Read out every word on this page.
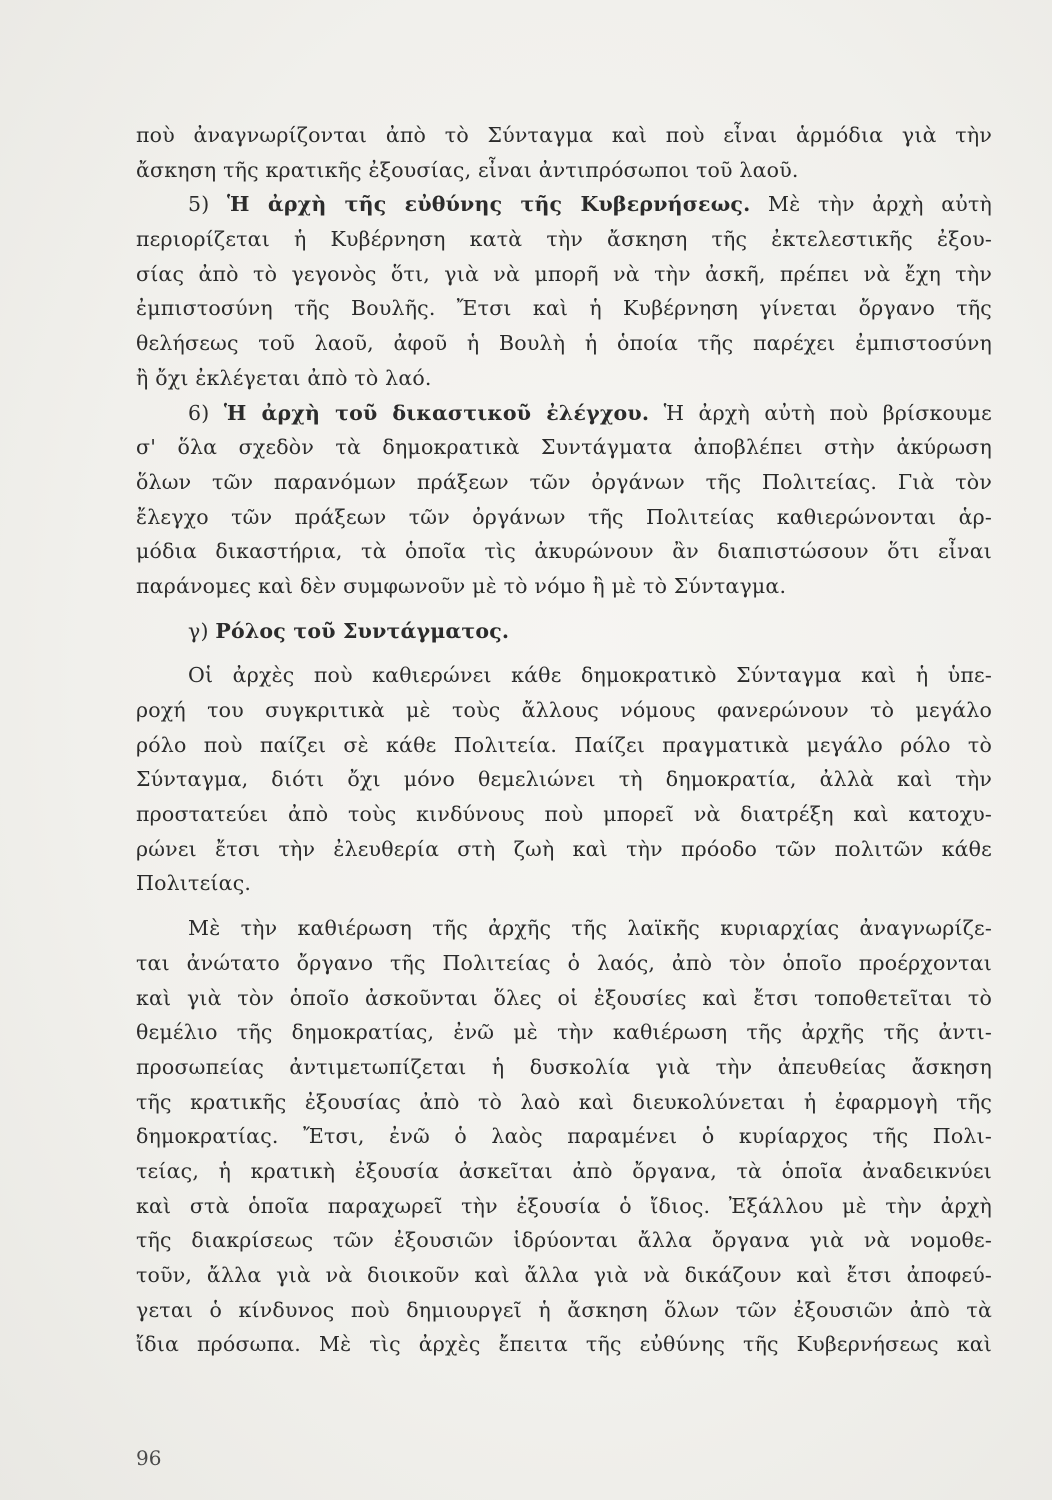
ποὺ ἀναγνωρίζονται ἀπὸ τὸ Σύνταγμα καὶ ποὺ εἶναι ἁρμόδια γιὰ τὴν
ἄσκηση τῆς κρατικῆς ἐξουσίας, εἶναι ἀντιπρόσωποι τοῦ λαοῦ.
5) Ἡ ἀρχὴ τῆς εὐθύνης τῆς Κυβερνήσεως. Μὲ τὴν ἀρχὴ αὐτὴ
περιορίζεται ἡ Κυβέρνηση κατὰ τὴν ἄσκηση τῆς ἐκτελεστικῆς ἐξου-
σίας ἀπὸ τὸ γεγονὸς ὅτι, γιὰ νὰ μπορῆ νὰ τὴν ἀσκῆ, πρέπει νὰ ἔχη τὴν
ἐμπιστοσύνη τῆς Βουλῆς. Ἔτσι καὶ ἡ Κυβέρνηση γίνεται ὄργανο τῆς
θελήσεως τοῦ λαοῦ, ἀφοῦ ἡ Βουλὴ ἡ ὁποία τῆς παρέχει ἐμπιστοσύνη
ἢ ὄχι ἐκλέγεται ἀπὸ τὸ λαό.
6) Ἡ ἀρχὴ τοῦ δικαστικοῦ ἐλέγχου. Ἡ ἀρχὴ αὐτὴ ποὺ βρίσκουμε
σ' ὅλα σχεδὸν τὰ δημοκρατικὰ Συντάγματα ἀποβλέπει στὴν ἀκύρωση
ὅλων τῶν παρανόμων πράξεων τῶν ὀργάνων τῆς Πολιτείας. Γιὰ τὸν
ἔλεγχο τῶν πράξεων τῶν ὀργάνων τῆς Πολιτείας καθιερώνονται ἁρ-
μόδια δικαστήρια, τὰ ὁποῖα τὶς ἀκυρώνουν ἂν διαπιστώσουν ὅτι εἶναι
παράνομες καὶ δὲν συμφωνοῦν μὲ τὸ νόμο ἢ μὲ τὸ Σύνταγμα.
γ) Ρόλος τοῦ Συντάγματος.
Οἱ ἀρχὲς ποὺ καθιερώνει κάθε δημοκρατικὸ Σύνταγμα καὶ ἡ ὑπε-
ροχή του συγκριτικὰ μὲ τοὺς ἄλλους νόμους φανερώνουν τὸ μεγάλο
ρόλο ποὺ παίζει σὲ κάθε Πολιτεία. Παίζει πραγματικὰ μεγάλο ρόλο τὸ
Σύνταγμα, διότι ὄχι μόνο θεμελιώνει τὴ δημοκρατία, ἀλλὰ καὶ τὴν
προστατεύει ἀπὸ τοὺς κινδύνους ποὺ μπορεῖ νὰ διατρέξη καὶ κατοχυ-
ρώνει ἔτσι τὴν ἐλευθερία στὴ ζωὴ καὶ τὴν πρόοδο τῶν πολιτῶν κάθε
Πολιτείας.
Μὲ τὴν καθιέρωση τῆς ἀρχῆς τῆς λαϊκῆς κυριαρχίας ἀναγνωρίζε-
ται ἀνώτατο ὄργανο τῆς Πολιτείας ὁ λαός, ἀπὸ τὸν ὁποῖο προέρχονται
καὶ γιὰ τὸν ὁποῖο ἀσκοῦνται ὅλες οἱ ἐξουσίες καὶ ἔτσι τοποθετεῖται τὸ
θεμέλιο τῆς δημοκρατίας, ἐνῶ μὲ τὴν καθιέρωση τῆς ἀρχῆς τῆς ἀντι-
προσωπείας ἀντιμετωπίζεται ἡ δυσκολία γιὰ τὴν ἀπευθείας ἄσκηση
τῆς κρατικῆς ἐξουσίας ἀπὸ τὸ λαὸ καὶ διευκολύνεται ἡ ἐφαρμογὴ τῆς
δημοκρατίας. Ἔτσι, ἐνῶ ὁ λαὸς παραμένει ὁ κυρίαρχος τῆς Πολι-
τείας, ἡ κρατικὴ ἐξουσία ἀσκεῖται ἀπὸ ὄργανα, τὰ ὁποῖα ἀναδεικνύει
καὶ στὰ ὁποῖα παραχωρεῖ τὴν ἐξουσία ὁ ἴδιος. Ἐξάλλου μὲ τὴν ἀρχὴ
τῆς διακρίσεως τῶν ἐξουσιῶν ἱδρύονται ἄλλα ὄργανα γιὰ νὰ νομοθε-
τοῦν, ἄλλα γιὰ νὰ διοικοῦν καὶ ἄλλα γιὰ νὰ δικάζουν καὶ ἔτσι ἀποφεύ-
γεται ὁ κίνδυνος ποὺ δημιουργεῖ ἡ ἄσκηση ὅλων τῶν ἐξουσιῶν ἀπὸ τὰ
ἴδια πρόσωπα. Μὲ τὶς ἀρχὲς ἔπειτα τῆς εὐθύνης τῆς Κυβερνήσεως καὶ
96
